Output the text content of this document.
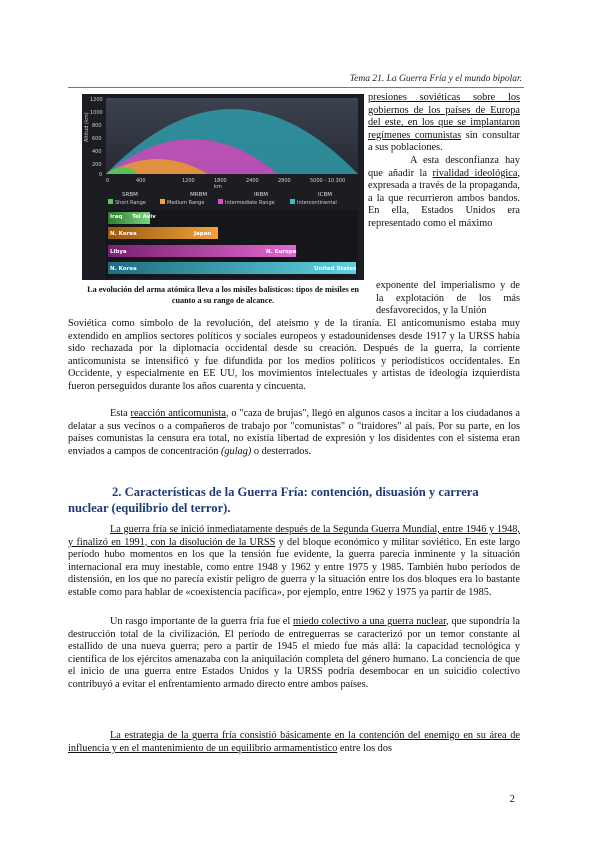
Tema 21. La Guerra Fría y el mundo bipolar.
1200
1000
800
600
400
200
0
Altitud (km)
0	400	1200	1800	2400	2800	5000 - 10.300
km
SRBM	MRBM	IRBM	ICBM
Short Range	Medium Range	Intermediate Range	Intercontinental
Iraq Tel Aviv
N. Korea	Japan
Libya	N. Europe
N. Korea	United States
La evolución del arma atómica lleva a los misiles balísticos: tipos de misiles en cuanto a su rango de alcance.
presiones soviéticas sobre los gobiernos de los países de Europa del este, en los que se implantaron regímenes comunistas sin consultar a sus poblaciones.
A esta desconfianza hay que añadir la rivalidad ideológica, expresada a través de la propaganda, a la que recurrieron ambos bandos. En ella, Estados Unidos era representado como el máximo
exponente del imperialismo y de la explotación de los más desfavorecidos, y la Unión
Soviética como símbolo de la revolución, del ateísmo y de la tiranía. El anticomunismo estaba muy extendido en amplios sectores políticos y sociales europeos y estadounidenses desde 1917 y la URSS había sido rechazada por la diplomacia occidental desde su creación. Después de la guerra, la corriente anticomunista se intensificó y fue difundida por los medios políticos y periodísticos occidentales. En Occidente, y especialmente en EE UU, los movimientos intelectuales y artistas de ideología izquierdista fueron perseguidos durante los años cuarenta y cincuenta.
Esta reacción anticomunista, o "caza de brujas", llegó en algunos casos a incitar a los ciudadanos a delatar a sus vecinos o a compañeros de trabajo por "comunistas" o "traidores" al país. Por su parte, en los países comunistas la censura era total, no existía libertad de expresión y los disidentes con el sistema eran enviados a campos de concentración (gulag) o desterrados.
2. Características de la Guerra Fría: contención, disuasión y carrera nuclear (equilibrio del terror).
La guerra fría se inició inmediatamente después de la Segunda Guerra Mundial, entre 1946 y 1948, y finalizó en 1991, con la disolución de la URSS y del bloque económico y militar soviético. En este largo período hubo momentos en los que la tensión fue evidente, la guerra parecía inminente y la situación internacional era muy inestable, como entre 1948 y 1962 y entre 1975 y 1985. También hubo períodos de distensión, en los que no parecía existir peligro de guerra y la situación entre los dos bloques era lo bastante estable como para hablar de «coexistencia pacífica», por ejemplo, entre 1962 y 1975 ya partir de 1985.
Un rasgo importante de la guerra fría fue el miedo colectivo a una guerra nuclear, que supondría la destrucción total de la civilización. El período de entreguerras se caracterizó por un temor constante al estallido de una nueva guerra; pero a partir de 1945 el miedo fue más allá: la capacidad tecnológica y científica de los ejércitos amenazaba con la aniquilación completa del género humano. La conciencia de que el inicio de una guerra entre Estados Unidos y la URSS podría desembocar en un suicidio colectivo contribuyó a evitar el enfrentamiento armado directo entre ambos países.
La estrategia de la guerra fría consistió básicamente en la contención del enemigo en su área de influencia y en el mantenimiento de un equilibrio armamentístico entre los dos
2
